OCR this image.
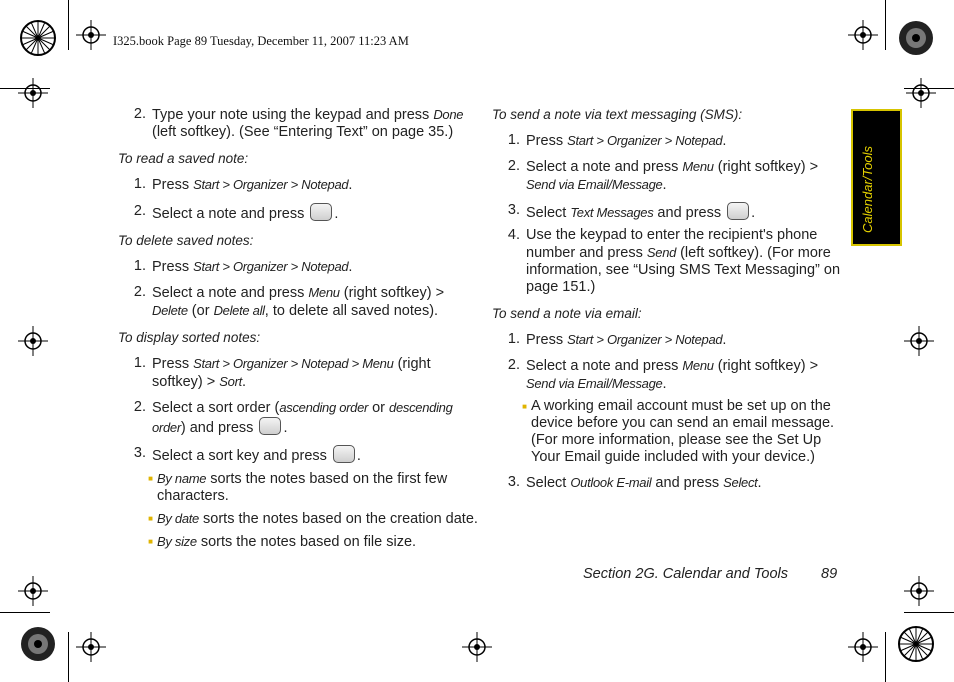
I325.book Page 89 Tuesday, December 11, 2007 11:23 AM
Calendar/Tools
2. Type your note using the keypad and press Done (left softkey). (See “Entering Text” on page 35.)

To read a saved note:

1. Press Start > Organizer > Notepad.
2. Select a note and press .

To delete saved notes:

1. Press Start > Organizer > Notepad.
2. Select a note and press Menu (right softkey) > Delete (or Delete all, to delete all saved notes).

To display sorted notes:

1. Press Start > Organizer > Notepad > Menu (right softkey) > Sort.
2. Select a sort order (ascending order or descending order) and press .
3. Select a sort key and press .
■ By name sorts the notes based on the first few characters.
■ By date sorts the notes based on the creation date.
■ By size sorts the notes based on file size.

To send a note via text messaging (SMS):

1. Press Start > Organizer > Notepad.
2. Select a note and press Menu (right softkey) > Send via Email/Message.
3. Select Text Messages and press .
4. Use the keypad to enter the recipient's phone number and press Send (left softkey). (For more information, see “Using SMS Text Messaging” on page 151.)

To send a note via email:

1. Press Start > Organizer > Notepad.
2. Select a note and press Menu (right softkey) > Send via Email/Message.
■ A working email account must be set up on the device before you can send an email message. (For more information, please see the Set Up Your Email guide included with your device.)
3. Select Outlook E-mail and press Select.
Section 2G. Calendar and Tools 89
